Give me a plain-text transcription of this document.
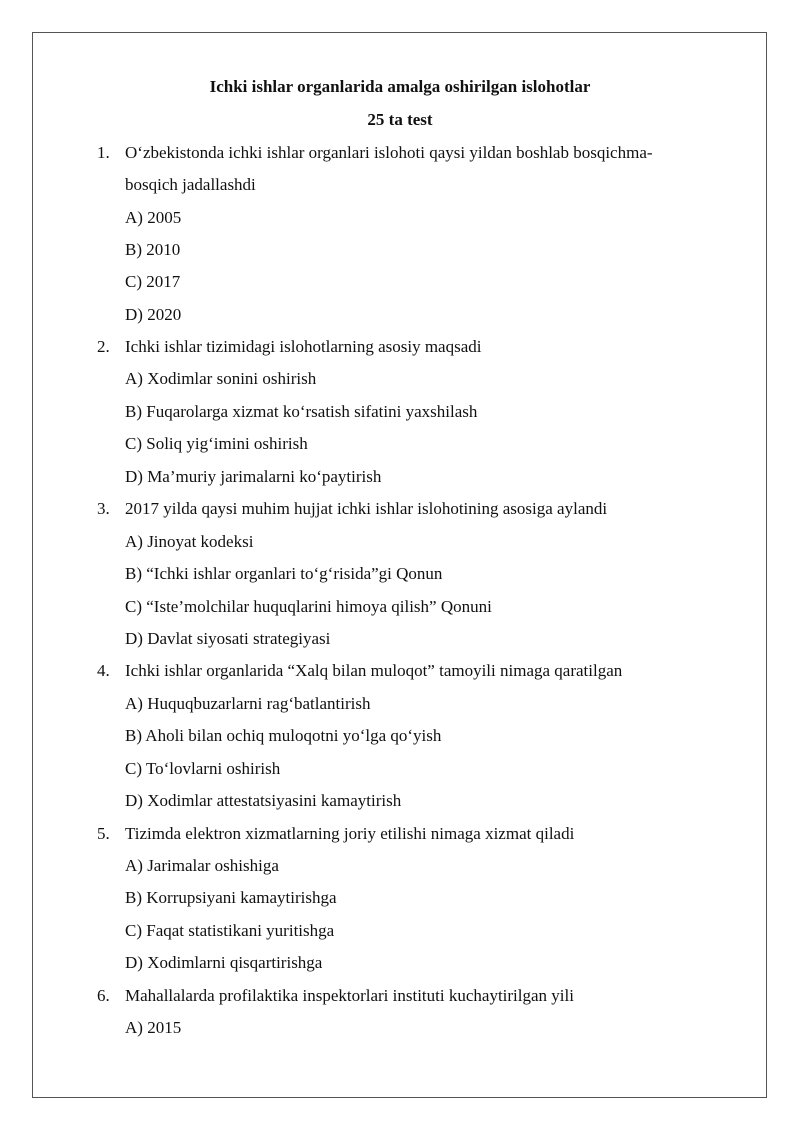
Ichki ishlar organlarida amalga oshirilgan islohotlar
25 ta test
1. O‘zbekistonda ichki ishlar organlari islohoti qaysi yildan boshlab bosqichma-
bosqich jadallashdi
A) 2005
B) 2010
C) 2017
D) 2020
2. Ichki ishlar tizimidagi islohotlarning asosiy maqsadi
A) Xodimlar sonini oshirish
B) Fuqarolarga xizmat ko‘rsatish sifatini yaxshilash
C) Soliq yig‘imini oshirish
D) Ma’muriy jarimalarni ko‘paytirish
3. 2017 yilda qaysi muhim hujjat ichki ishlar islohotining asosiga aylandi
A) Jinoyat kodeksi
B) “Ichki ishlar organlari to‘g‘risida”gi Qonun
C) “Iste’molchilar huquqlarini himoya qilish” Qonuni
D) Davlat siyosati strategiyasi
4. Ichki ishlar organlarida “Xalq bilan muloqot” tamoyili nimaga qaratilgan
A) Huquqbuzarlarni rag‘batlantirish
B) Aholi bilan ochiq muloqotni yo‘lga qo‘yish
C) To‘lovlarni oshirish
D) Xodimlar attestatsiyasini kamaytirish
5. Tizimda elektron xizmatlarning joriy etilishi nimaga xizmat qiladi
A) Jarimalar oshishiga
B) Korrupsiyani kamaytirishga
C) Faqat statistikani yuritishga
D) Xodimlarni qisqartirishga
6. Mahallalarda profilaktika inspektorlari instituti kuchaytirilgan yili
A) 2015
